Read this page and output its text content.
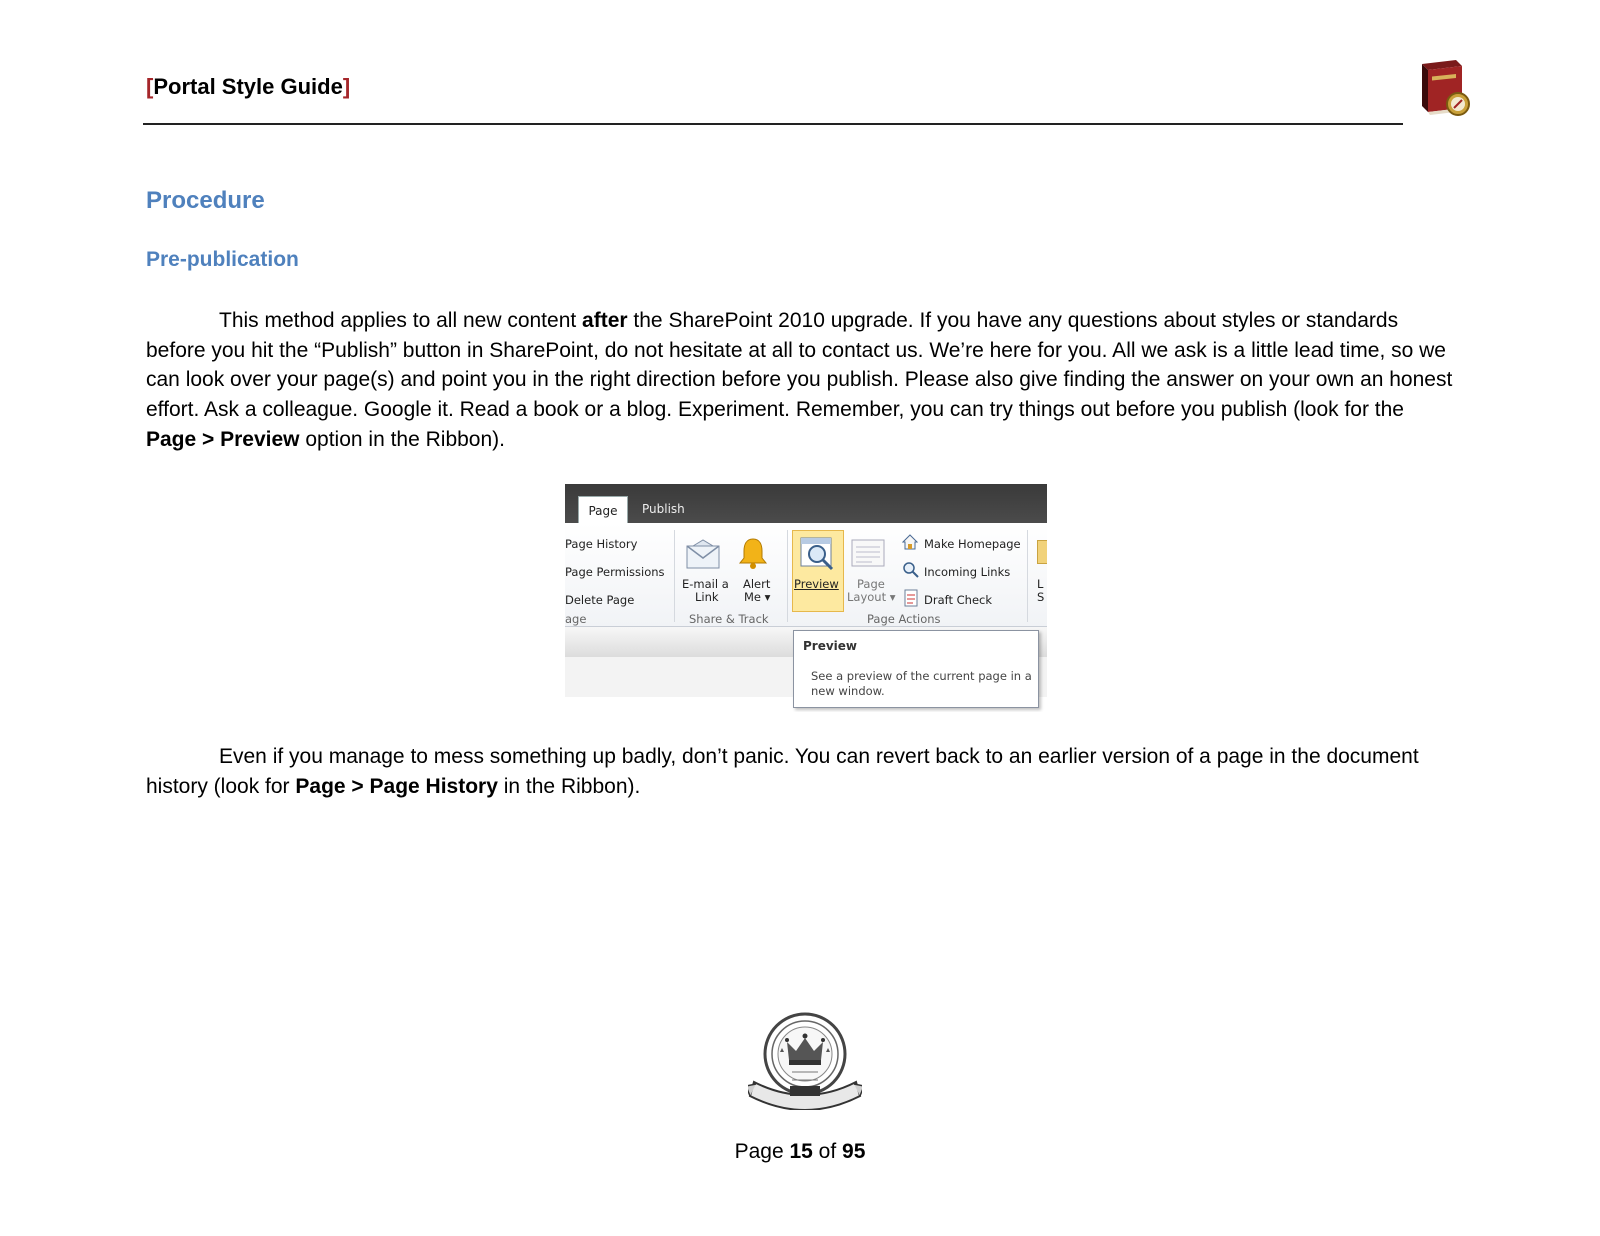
[Portal Style Guide]
Procedure
Pre-publication
This method applies to all new content after the SharePoint 2010 upgrade. If you have any questions about styles or standards before you hit the “Publish” button in SharePoint, do not hesitate at all to contact us. We’re here for you. All we ask is a little lead time, so we can look over your page(s) and point you in the right direction before you publish. Please also give finding the answer on your own an honest effort. Ask a colleague. Google it. Read a book or a blog. Experiment. Remember, you can try things out before you publish (look for the Page > Preview option in the Ribbon).
Page	Publish
Page History
Page Permissions
Delete Page
age
E-mail a
Link
Alert
Me ▾
Share & Track
Preview Page
Layout ▾
Make Homepage
Incoming Links
Draft Check
Page Actions
L
S
Preview
See a preview of the current page in a new window.
Even if you manage to mess something up badly, don’t panic. You can revert back to an earlier version of a page in the document history (look for Page > Page History in the Ribbon).
Page 15 of 95
